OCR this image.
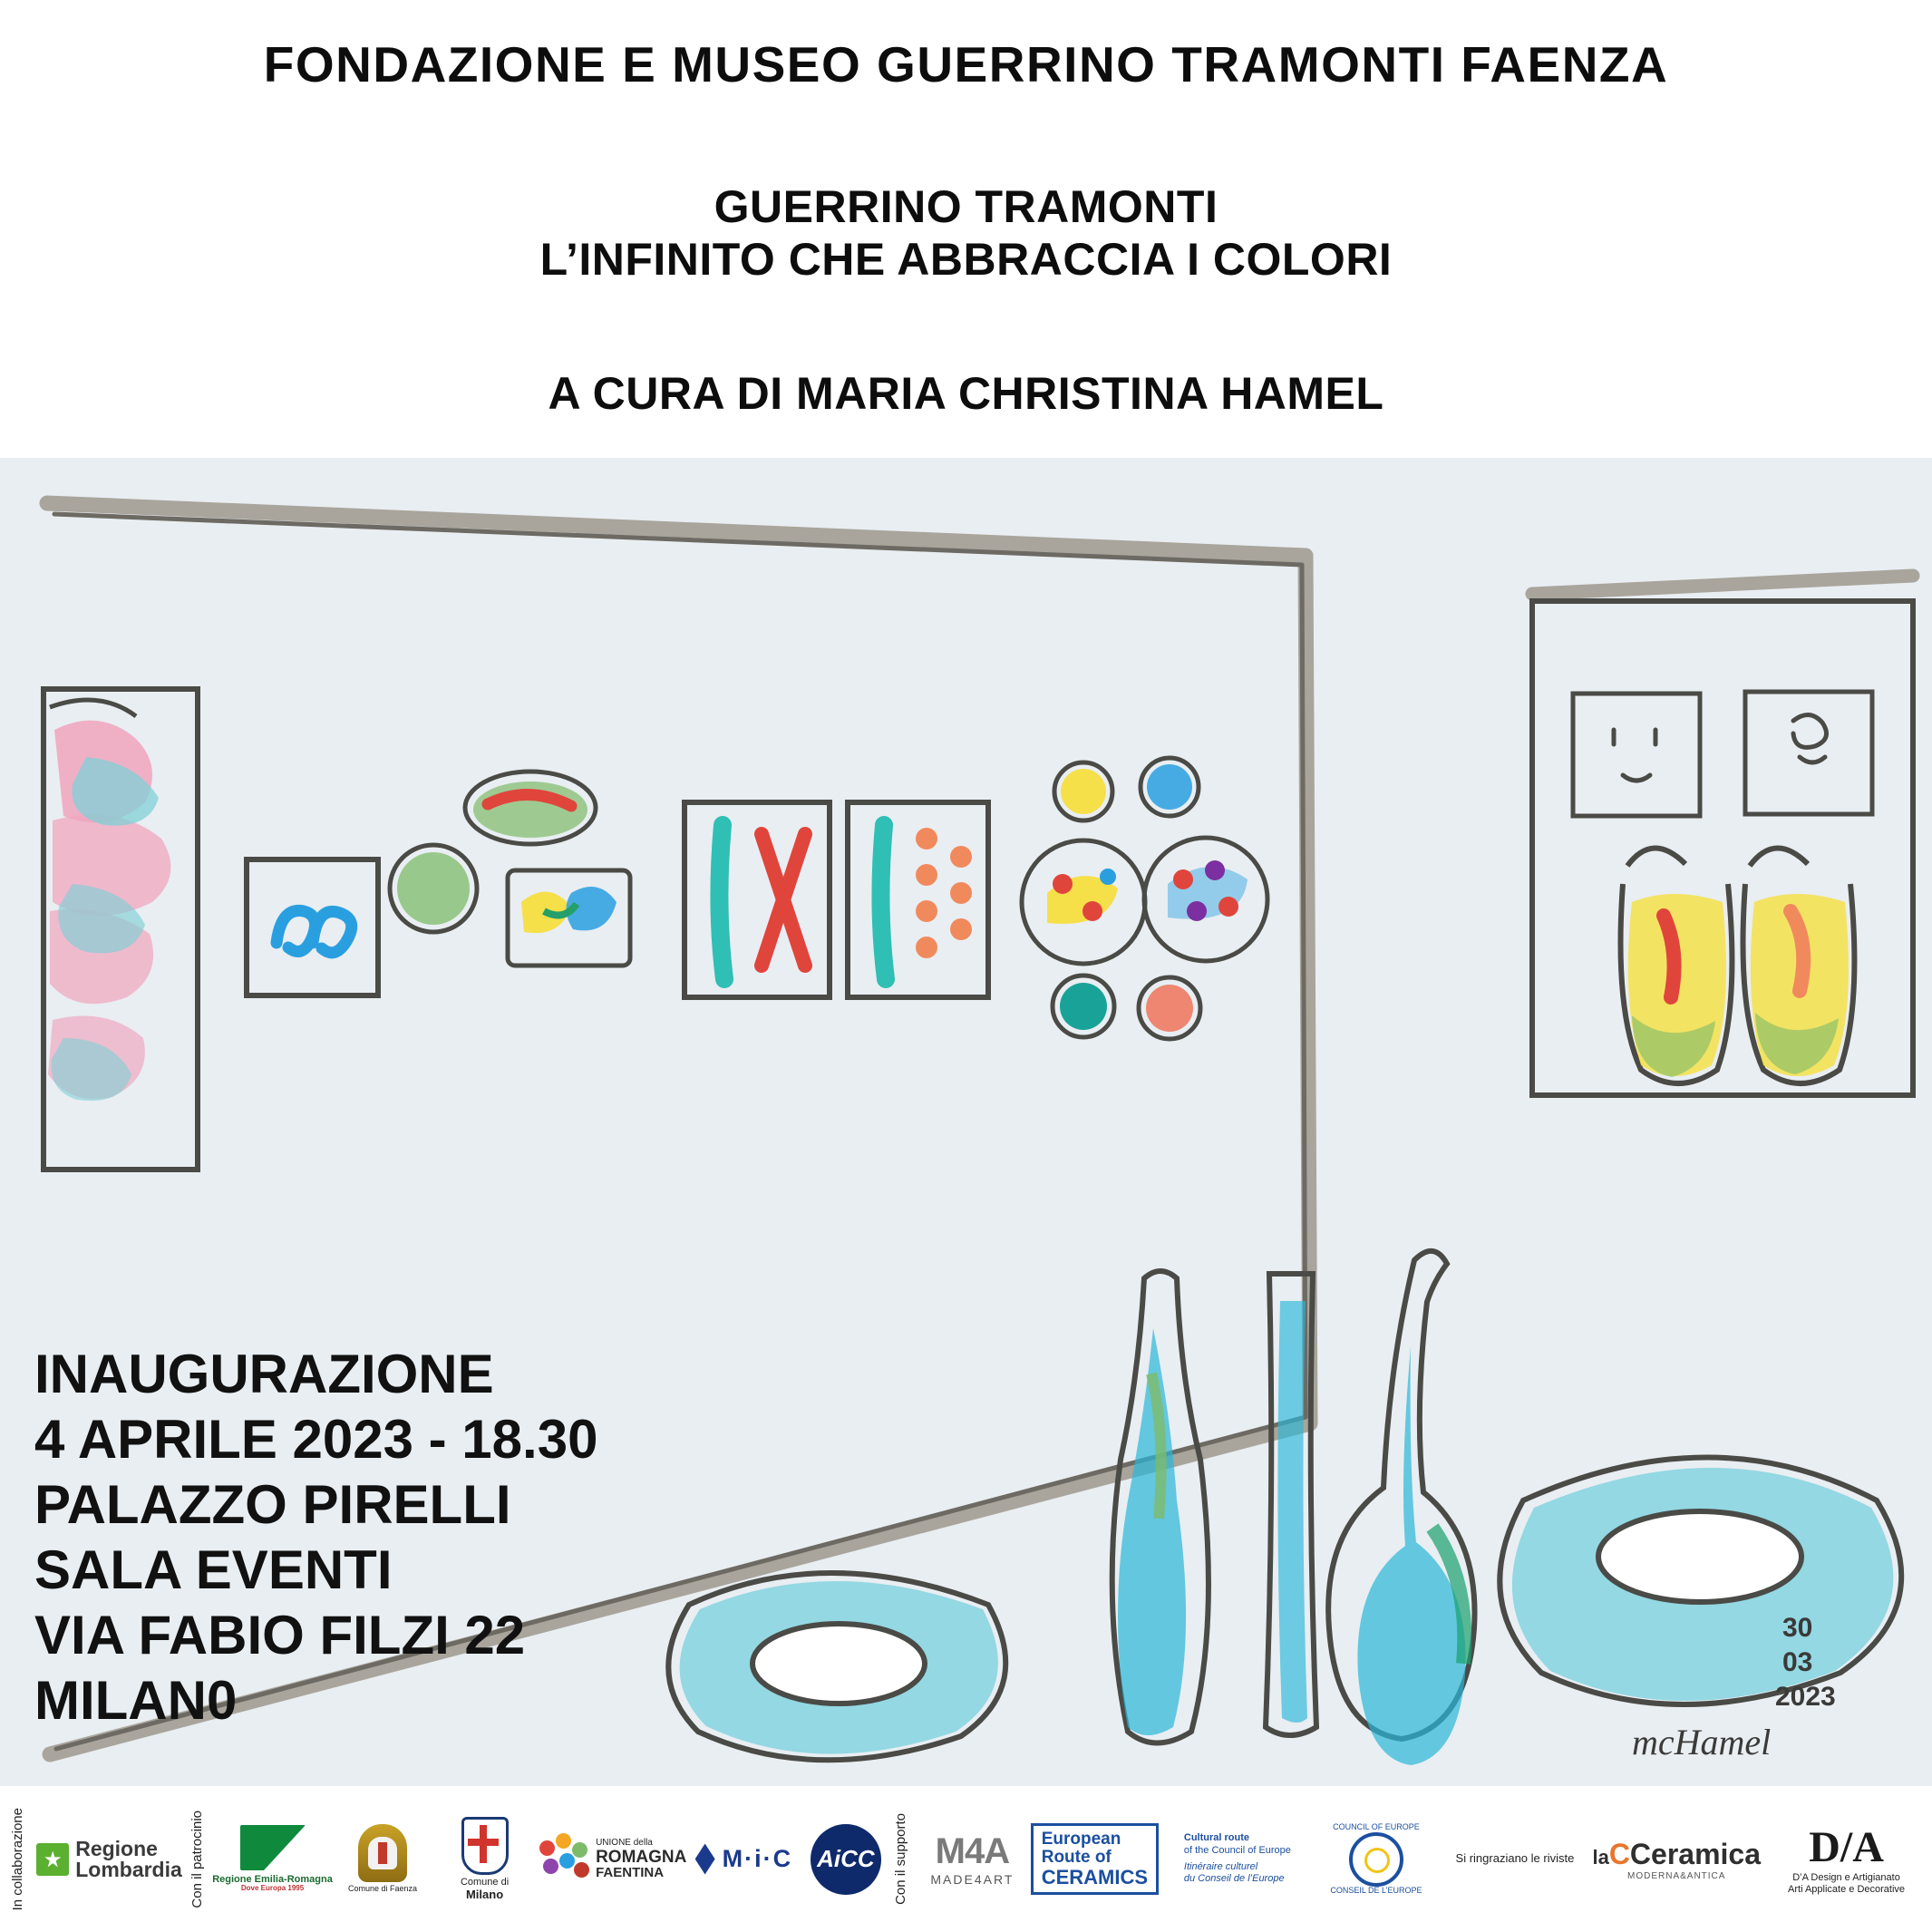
FONDAZIONE E MUSEO GUERRINO TRAMONTI FAENZA
GUERRINO TRAMONTI
L’INFINITO CHE ABBRACCIA I COLORI
A CURA DI MARIA CHRISTINA HAMEL
30
03
2023
mcHamel
INAUGURAZIONE
4 APRILE 2023 - 18.30
PALAZZO PIRELLI
SALA EVENTI
VIA FABIO FILZI 22
MILAN0
In collaborazione Regione
Lombardia Con il patrocinio Regione Emilia-Romagna
Dove Europa 1995	Comune di Faenza
Comune di
Milano
UNIONE della
ROMAGNA
FAENTINA
M·i·C AiCC	Con il supporto M4A
MADE4ART
European
Route of
CERAMICS
Cultural route
of the Council of Europe
Itinéraire culturel
du Conseil de l’Europe
COUNCIL OF EUROPE
CONSEIL DE L’EUROPE
Si ringraziano le riviste laCCeramica
MODERNA&ANTICA
D/A
D’A Design e Artigianato
Arti Applicate e Decorative
